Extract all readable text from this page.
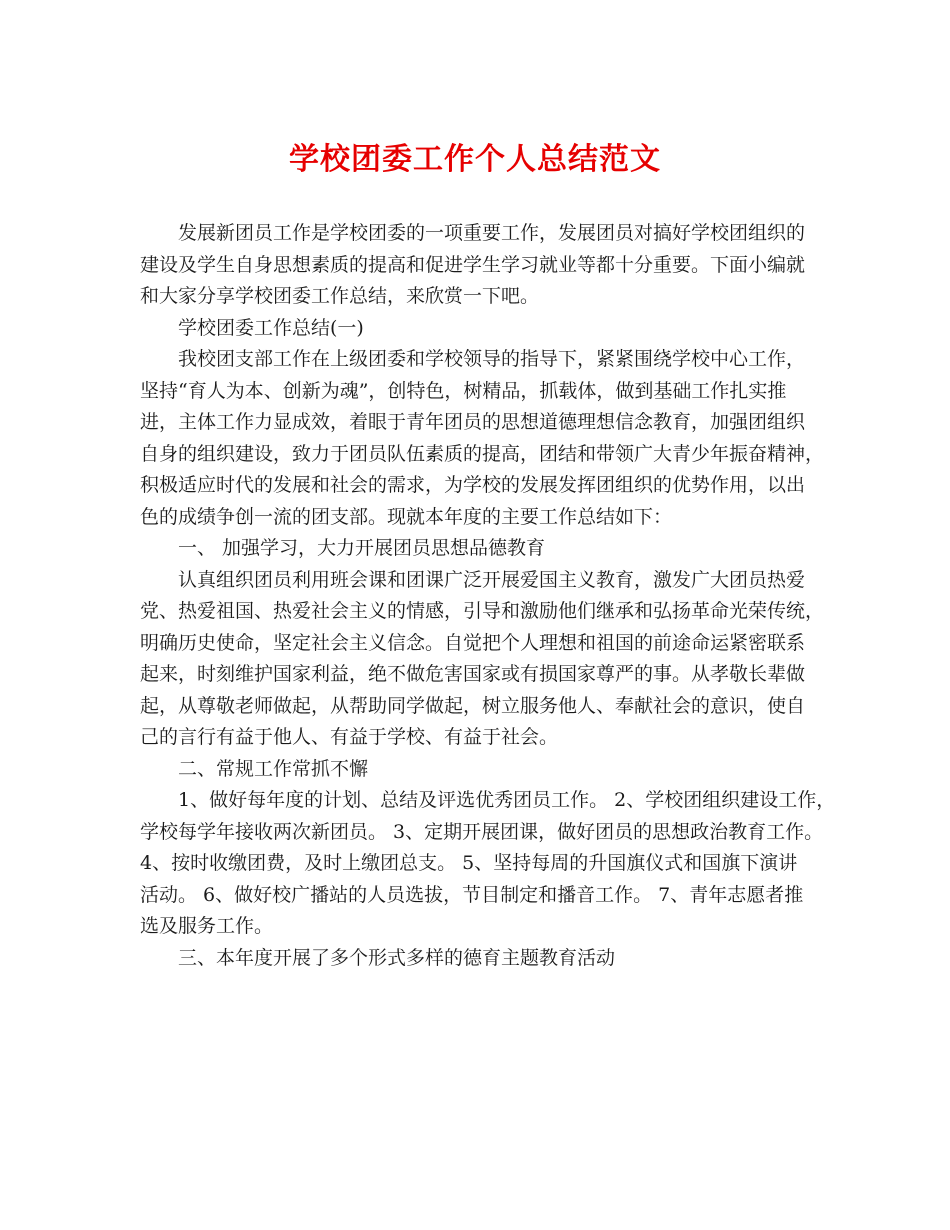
学校团委工作个人总结范文
发展新团员工作是学校团委的一项重要工作，发展团员对搞好学校团组织的
建设及学生自身思想素质的提高和促进学生学习就业等都十分重要。下面小编就
和大家分享学校团委工作总结，来欣赏一下吧。
学校团委工作总结(一)
我校团支部工作在上级团委和学校领导的指导下，紧紧围绕学校中心工作，
坚持“育人为本、创新为魂”，创特色，树精品，抓载体，做到基础工作扎实推
进，主体工作力显成效，着眼于青年团员的思想道德理想信念教育，加强团组织
自身的组织建设，致力于团员队伍素质的提高，团结和带领广大青少年振奋精神，
积极适应时代的发展和社会的需求，为学校的发展发挥团组织的优势作用，以出
色的成绩争创一流的团支部。现就本年度的主要工作总结如下：
一、 加强学习，大力开展团员思想品德教育
认真组织团员利用班会课和团课广泛开展爱国主义教育，激发广大团员热爱
党、热爱祖国、热爱社会主义的情感，引导和激励他们继承和弘扬革命光荣传统，
明确历史使命，坚定社会主义信念。自觉把个人理想和祖国的前途命运紧密联系
起来，时刻维护国家利益，绝不做危害国家或有损国家尊严的事。从孝敬长辈做
起，从尊敬老师做起，从帮助同学做起，树立服务他人、奉献社会的意识，使自
己的言行有益于他人、有益于学校、有益于社会。
二、常规工作常抓不懈
1、做好每年度的计划、总结及评选优秀团员工作。 2、学校团组织建设工作，
学校每学年接收两次新团员。 3、定期开展团课，做好团员的思想政治教育工作。
4、按时收缴团费，及时上缴团总支。 5、坚持每周的升国旗仪式和国旗下演讲
活动。 6、做好校广播站的人员选拔，节目制定和播音工作。 7、青年志愿者推
选及服务工作。
三、本年度开展了多个形式多样的德育主题教育活动
